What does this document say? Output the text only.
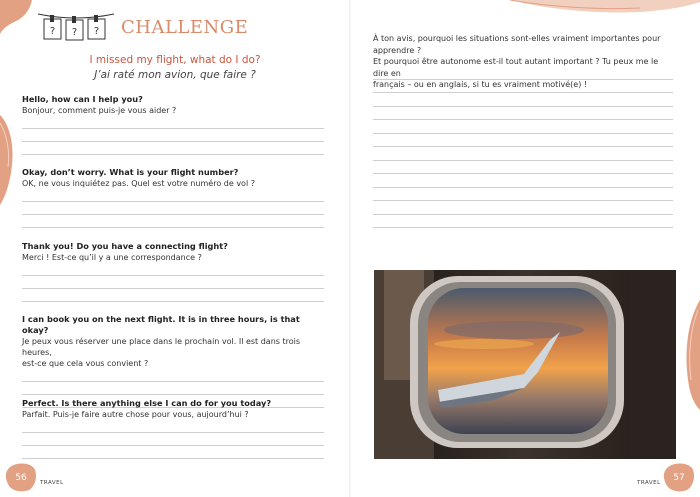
? ? ? CHALLENGE
I missed my flight, what do I do?
J’ai raté mon avion, que faire ?
Hello, how can I help you?
Bonjour, comment puis-je vous aider ?
Okay, don’t worry. What is your flight number?
OK, ne vous inquiétez pas. Quel est votre numéro de vol ?
Thank you! Do you have a connecting flight?
Merci ! Est-ce qu’il y a une correspondance ?
I can book you on the next flight. It is in three hours, is that okay?
Je peux vous réserver une place dans le prochain vol. Il est dans trois heures,
est-ce que cela vous convient ?
Perfect. Is there anything else I can do for you today?
Parfait. Puis-je faire autre chose pour vous, aujourd’hui ?
56	TRAVEL
À ton avis, pourquoi les situations sont-elles vraiment importantes pour apprendre ?
Et pourquoi être autonome est-il tout autant important ? Tu peux me le dire en
français – ou en anglais, si tu es vraiment motivé(e) !
57
TRAVEL
